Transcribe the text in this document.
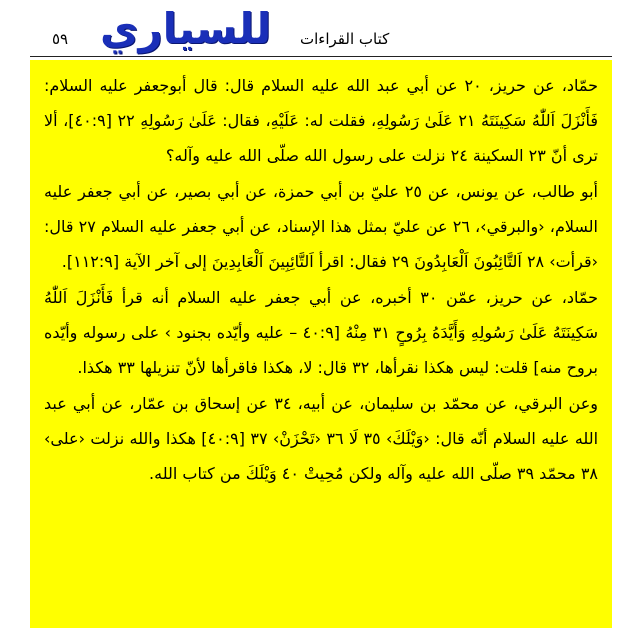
٥٩ للسياري كتاب القراءات

حمّاد، عن حريز، ٢٠ عن أبي عبد الله عليه السلام قال: قال أبوجعفر عليه السلام: فَأَنْزَلَ اَللّٰهُ سَكِينَتَهُ ٢١ عَلَىٰ رَسُولِهِ، فقلت له: عَلَيْهِ، فقال: عَلَىٰ رَسُولِهِ ٢٢ [٤٠:٩]، ألا ترى أنّ ٢٣ السكينة ٢٤ نزلت على رسول الله صلّى الله عليه وآله؟

أبو طالب، عن يونس، عن ٢٥ عليّ بن أبي حمزة، عن أبي بصير، عن أبي جعفر عليه السلام، ‹والبرقي›، ٢٦ عن عليّ بمثل هذا الإسناد، عن أبي جعفر عليه السلام ٢٧ قال: ‹قرأت› ٢٨ اَلتَّائِبُونَ اَلْعَابِدُونَ ٢٩ فقال: اقرأ اَلتَّائِبِينَ اَلْعَابِدِينَ إلى آخر الآية [١١٢:٩].

حمّاد، عن حريز، عمّن ٣٠ أخبره، عن أبي جعفر عليه السلام أنه قرأ فَأَنْزَلَ اَللّٰهُ سَكِينَتَهُ عَلَىٰ رَسُولِهِ وَأَيَّدَهُ بِرُوحٍ ٣١ مِنْهُ [٤٠:٩ – عليه وأيّده بجنود › على رسوله وأيّده بروح منه] قلت: ليس هكذا نقرأها، ٣٢ قال: لا، هكذا فاقرأها لأنّ تنزيلها ٣٣ هكذا.

وعن البرقي، عن محمّد بن سليمان، عن أبيه، ٣٤ عن إسحاق بن عمّار، عن أبي عبد الله عليه السلام أنّه قال: ‹وَيْلَكَ› ٣٥ لَا ٣٦ ‹تَحْزَنْ› ٣٧ [٤٠:٩] هكذا والله نزلت ‹على› ٣٨ محمّد ٣٩ صلّى الله عليه وآله ولكن مُحِيتْ ٤٠ وَيْلَكَ من كتاب الله.
